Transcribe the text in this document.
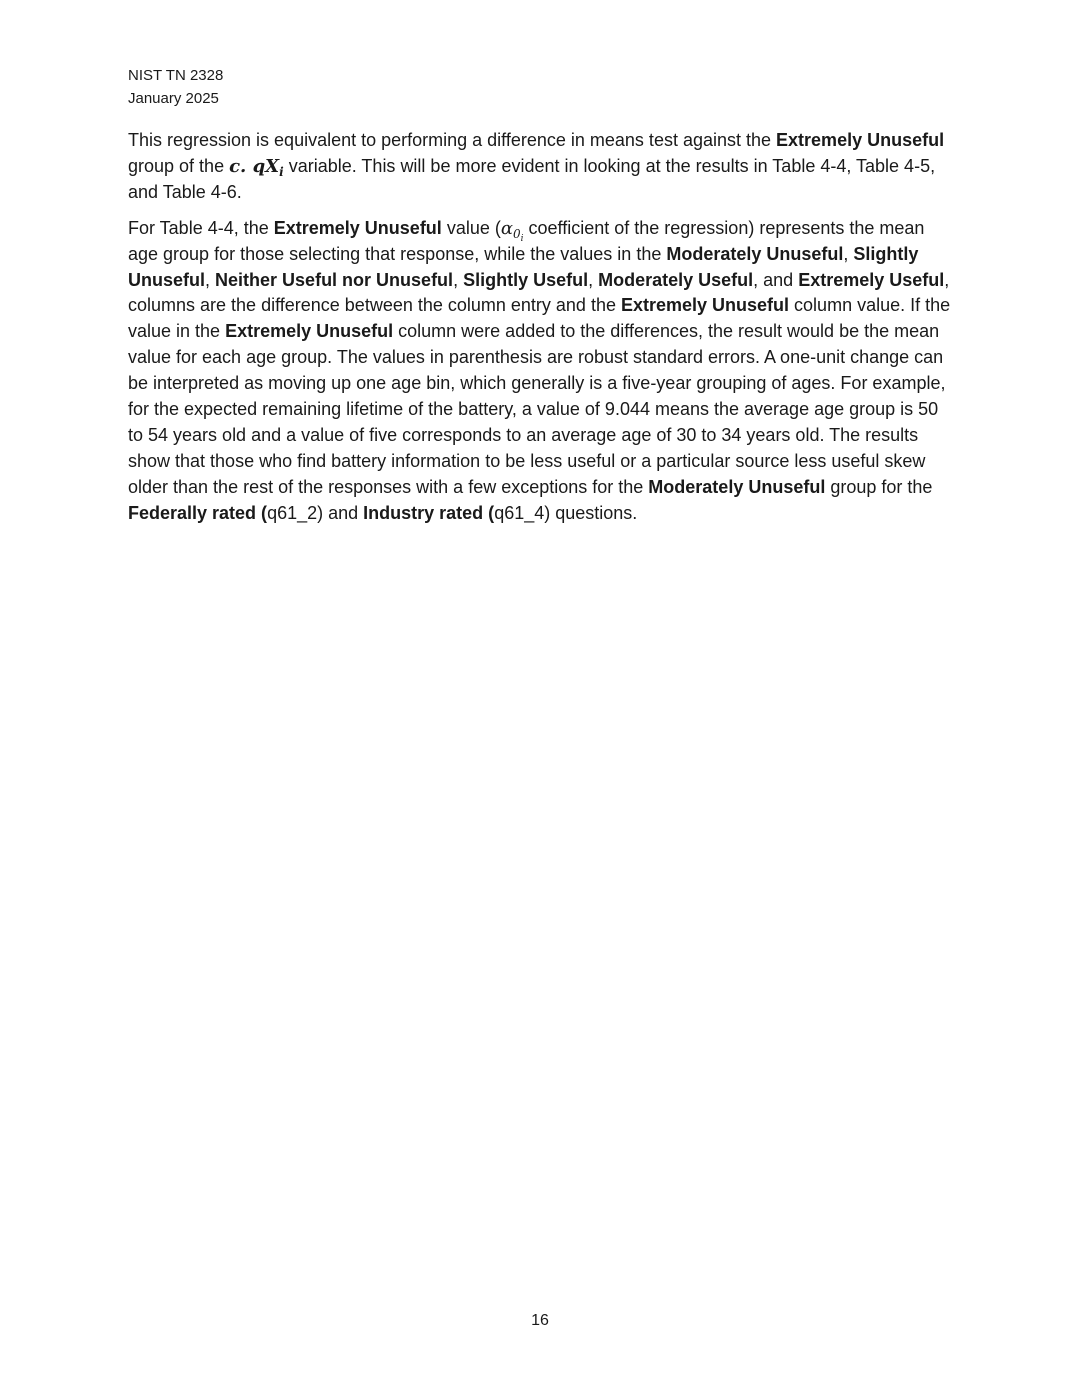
NIST TN 2328
January 2025

This regression is equivalent to performing a difference in means test against the Extremely Unuseful group of the c. $qX_i$ variable. This will be more evident in looking at the results in Table 4-4, Table 4-5, and Table 4-6.

For Table 4-4, the Extremely Unuseful value ($\alpha_{0_i}$ coefficient of the regression) represents the mean age group for those selecting that response, while the values in the Moderately Unuseful, Slightly Unuseful, Neither Useful nor Unuseful, Slightly Useful, Moderately Useful, and Extremely Useful, columns are the difference between the column entry and the Extremely Unuseful column value. If the value in the Extremely Unuseful column were added to the differences, the result would be the mean value for each age group. The values in parenthesis are robust standard errors. A one-unit change can be interpreted as moving up one age bin, which generally is a five-year grouping of ages. For example, for the expected remaining lifetime of the battery, a value of 9.044 means the average age group is 50 to 54 years old and a value of five corresponds to an average age of 30 to 34 years old. The results show that those who find battery information to be less useful or a particular source less useful skew older than the rest of the responses with a few exceptions for the Moderately Unuseful group for the Federally rated (q61_2) and Industry rated (q61_4) questions.

16
